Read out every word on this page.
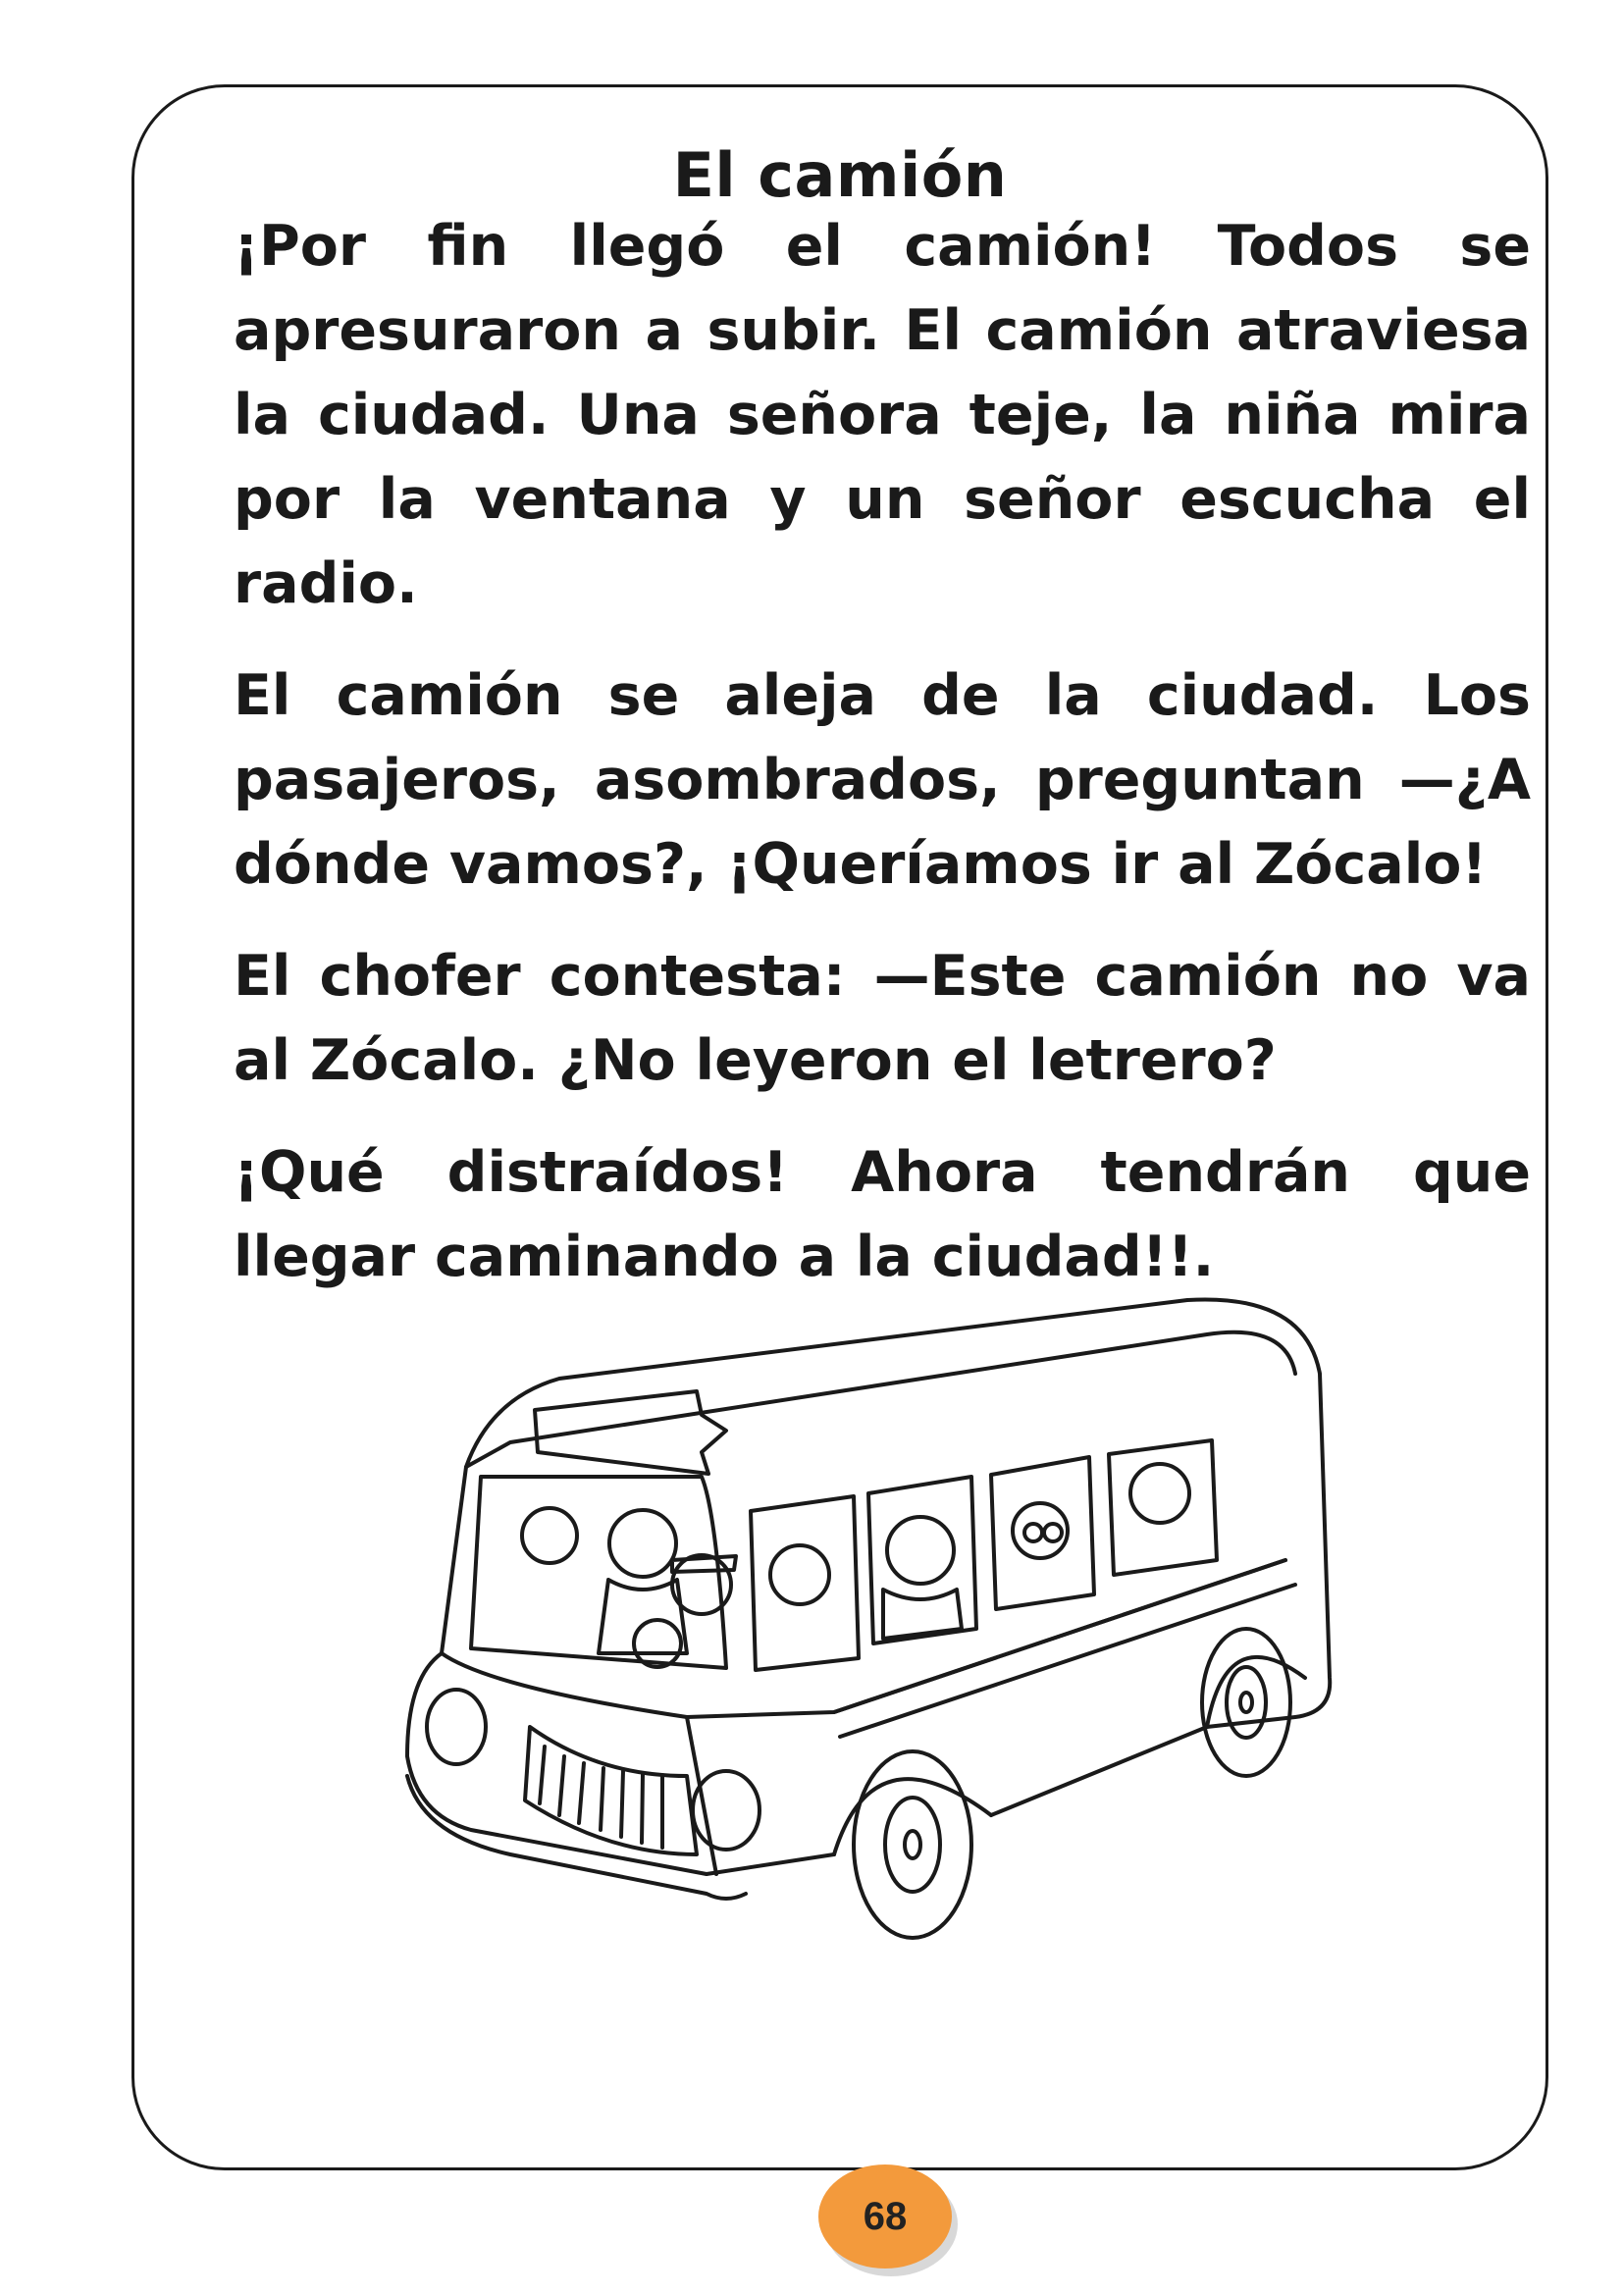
El camión

¡Por fin llegó el camión! Todos se apresuraron a subir. El camión atraviesa la ciudad. Una señora teje, la niña mira por la ventana y un señor escucha el radio.

El camión se aleja de la ciudad. Los pasajeros, asombrados, preguntan —¿A dónde vamos?, ¡Queríamos ir al Zócalo!

El chofer contesta: —Este camión no va al Zócalo. ¿No leyeron el letrero?

¡Qué distraídos! Ahora tendrán que llegar caminando a la ciudad!!.

68
